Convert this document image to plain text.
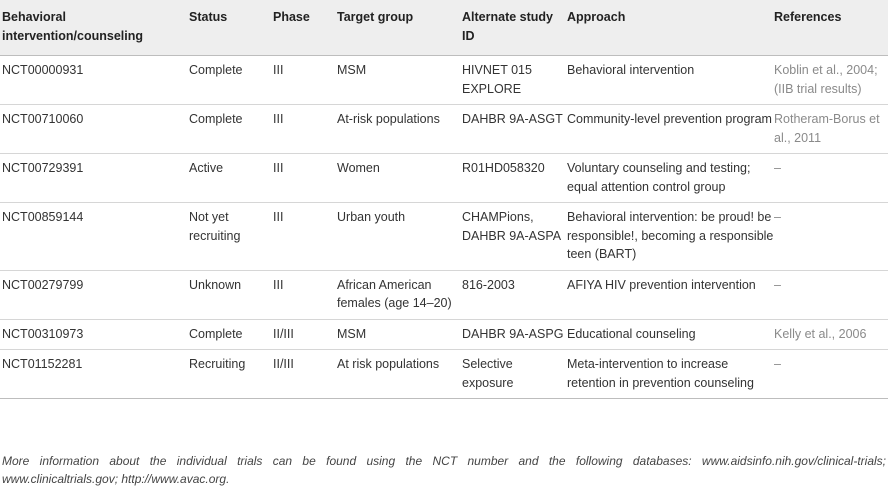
Behavioral intervention/counseling	Status	Phase	Target group	Alternate study ID	Approach	References
NCT00000931	Complete	III	MSM	HIVNET 015 EXPLORE	Behavioral intervention	Koblin et al., 2004; (IIB trial results)
NCT00710060	Complete	III	At-risk populations	DAHBR 9A-ASGT	Community-level prevention program	Rotheram-Borus et al., 2011
NCT00729391	Active	III	Women	R01HD058320	Voluntary counseling and testing; equal attention control group	–
NCT00859144	Not yet recruiting	III	Urban youth	CHAMPions, DAHBR 9A-ASPA	Behavioral intervention: be proud! be responsible!, becoming a responsible teen (BART)	–
NCT00279799	Unknown	III	African American females (age 14–20)	816-2003	AFIYA HIV prevention intervention	–
NCT00310973	Complete	II/III	MSM	DAHBR 9A-ASPG	Educational counseling	Kelly et al., 2006
NCT01152281	Recruiting	II/III	At risk populations	Selective exposure	Meta-intervention to increase retention in prevention counseling	–
More information about the individual trials can be found using the NCT number and the following databases: www.aidsinfo.nih.gov/clinical-trials; www.clinicaltrials.gov; http://www.avac.org.
